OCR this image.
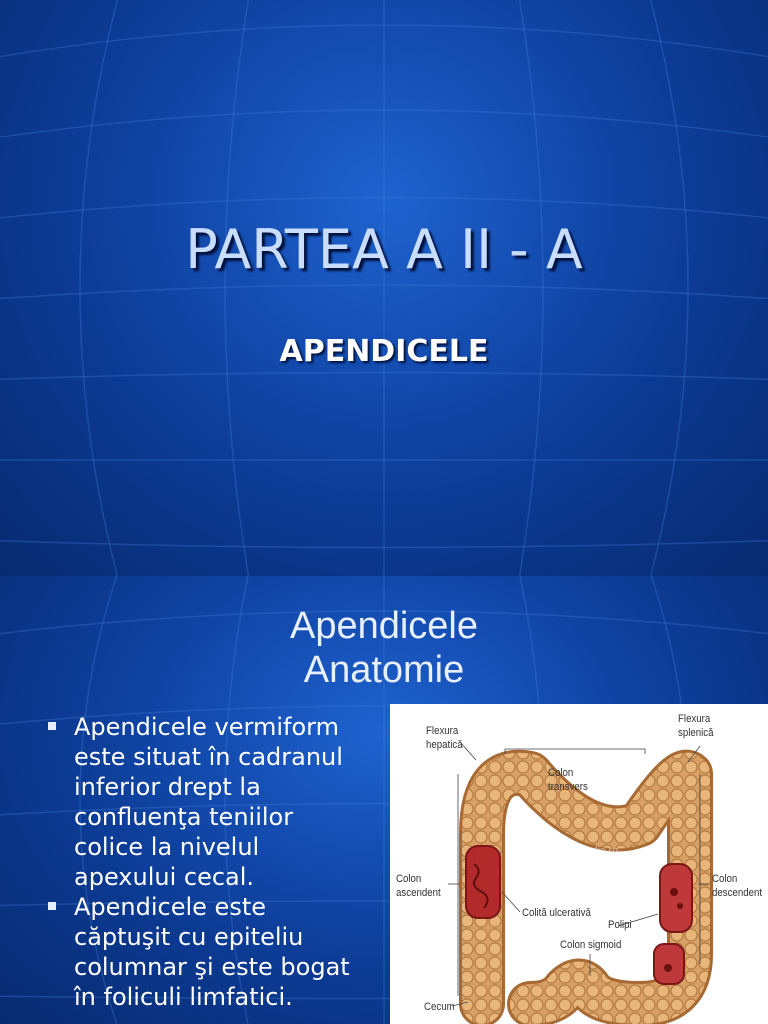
PARTEA A II - A
APENDICELE
Apendicele
Anatomie
Apendicele vermiform
este situat în cadranul
inferior drept la
confluenţa teniilor
colice la nivelul
apexului cecal.
Apendicele este
căptuşit cu epiteliu
columnar şi este bogat
în foliculi limfatici.
www.romedic.ro
Flexura
hepatică
Flexura
splenică
Colon
transvers
Colon
ascendent
Colon
descendent
Colită ulcerativă
Polipi
Colon sigmoid
Cecum
